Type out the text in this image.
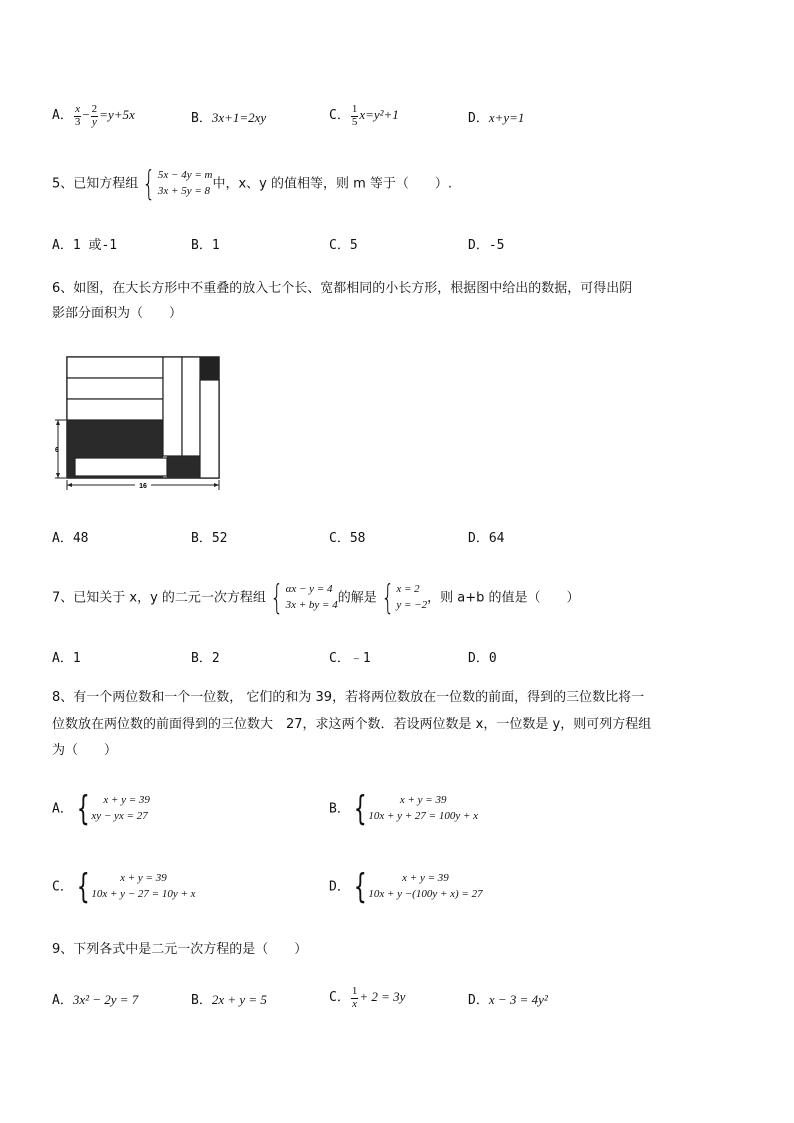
A． $\frac{x}{3} - \frac{2}{y} =y+5x$	B．3x+1=2xy	C． $\frac{1}{5} x=y^2+1$	D．x+y=1
5、已知方程组 { 5x − 4y = m
3x + 5y = 8 中，x、y 的值相等，则 m 等于（　　）.
A．1 或-1	B．1	C．5	D．-5
6、如图，在大长方形中不重叠的放入七个长、宽都相同的小长方形，根据图中给出的数据，可得出阴
影部分面积为（　　）
6
16
A．48	B．52	C．58	D．64
7、已知关于 x，y 的二元一次方程组 { αx − y = 4
3x + by = 4 的解是 { x = 2
y = −2 ，则 a+b 的值是（　　）
A．1	B．2	C．﹣1	D．0
8、有一个两位数和一个一位数， 它们的和为 39，若将两位数放在一位数的前面，得到的三位数比将一
位数放在两位数的前面得到的三位数大　27，求这两个数．若设两位数是 x，一位数是 y，则可列方程组
为（　　）
A． {	x + y = 39
xy − yx = 27	B． {	x + y = 39
10x + y + 27 = 100y + x
C． {	x + y = 39
10x + y − 27 = 10y + x	D． {	x + y = 39
10x + y −(100y + x) = 27
9、下列各式中是二元一次方程的是（　　）
A．3x² − 2y = 7	B．2x + y = 5	C． $\frac{1}{x} + 2 = 3y$	D．x − 3 = 4y²
